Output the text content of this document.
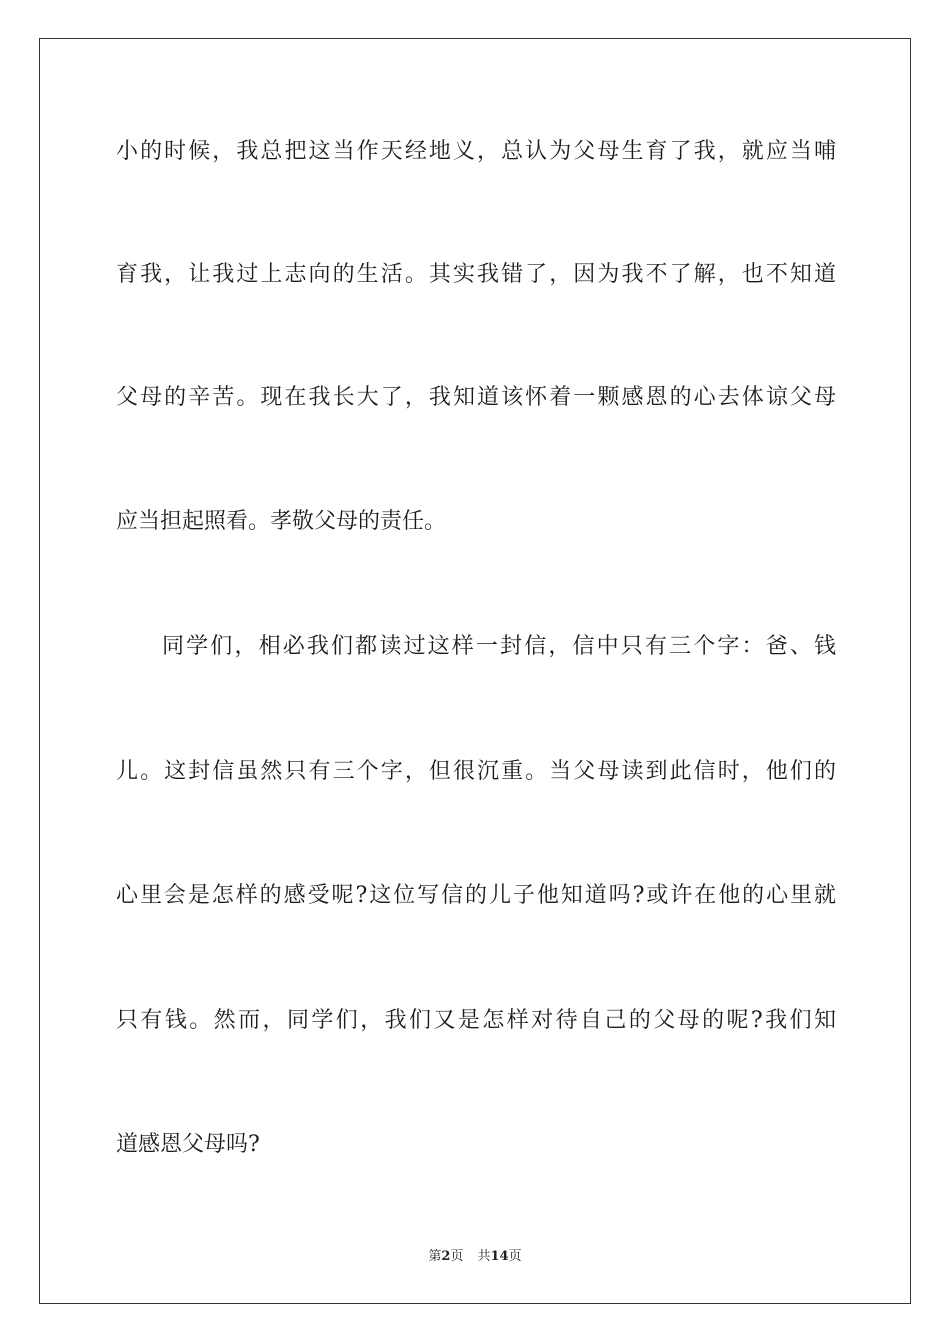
小的时候，我总把这当作天经地义，总认为父母生育了我，就应当哺
育我，让我过上志向的生活。其实我错了，因为我不了解，也不知道
父母的辛苦。现在我长大了，我知道该怀着一颗感恩的心去体谅父母
应当担起照看。孝敬父母的责任。
同学们，相必我们都读过这样一封信，信中只有三个字：爸、钱
儿。这封信虽然只有三个字，但很沉重。当父母读到此信时，他们的
心里会是怎样的感受呢?这位写信的儿子他知道吗?或许在他的心里就
只有钱。然而，同学们，我们又是怎样对待自己的父母的呢?我们知
道感恩父母吗?
第2页 共14页
